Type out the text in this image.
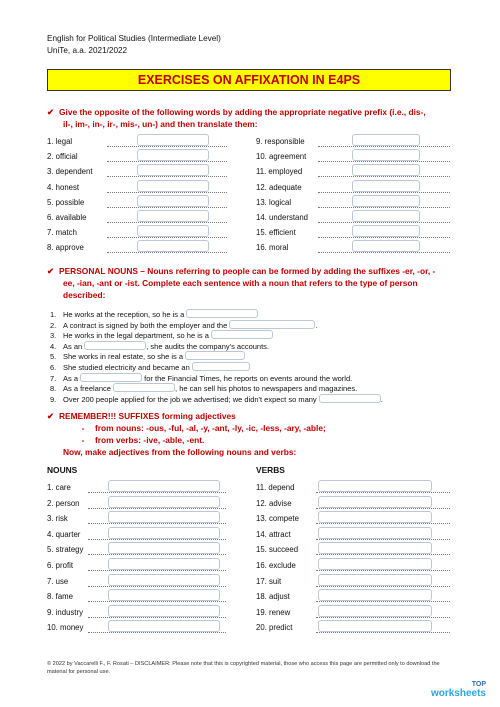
English for Political Studies (Intermediate Level)
UniTe, a.a. 2021/2022
EXERCISES ON AFFIXATION IN E4PS
✔ Give the opposite of the following words by adding the appropriate negative prefix (i.e., dis-,
il-, im-, in-, ir-, mis-, un-) and then translate them:
1. legal
2. official
3. dependent
4. honest
5. possible
6. available
7. match
8. approve
9. responsible
10. agreement
11. employed
12. adequate
13. logical
14. understand
15. efficient
16. moral
✔ PERSONAL NOUNS – Nouns referring to people can be formed by adding the suffixes -er, -or, -
ee, -ian, -ant or -ist. Complete each sentence with a noun that refers to the type of person
described:
1. He works at the reception, so he is a
2. A contract is signed by both the employer and the	.
3. He works in the legal department, so he is a
4. As an	, she audits the company's accounts.
5. She works in real estate, so she is a
6. She studied electricity and became an
7. As a	for the Financial Times, he reports on events around the world.
8. As a freelance	, he can sell his photos to newspapers and magazines.
9. Over 200 people applied for the job we advertised; we didn't expect so many	.
✔ REMEMBER!!! SUFFIXES forming adjectives
- from nouns: -ous, -ful, -al, -y, -ant, -ly, -ic, -less, -ary, -able;
- from verbs: -ive, -able, -ent.
Now, make adjectives from the following nouns and verbs:
NOUNS	VERBS
1. care
2. person
3. risk
4. quarter
5. strategy
6. profit
7. use
8. fame
9. industry
10. money
11. depend
12. advise
13. compete
14. attract
15. succeed
16. exclude
17. suit
18. adjust
19. renew
20. predict
© 2022 by Vaccarelli F., F. Rosati – DISCLAIMER: Please note that this is copyrighted material, those who access this page are permitted only to download the material for personal use.
TOP
worksheets
